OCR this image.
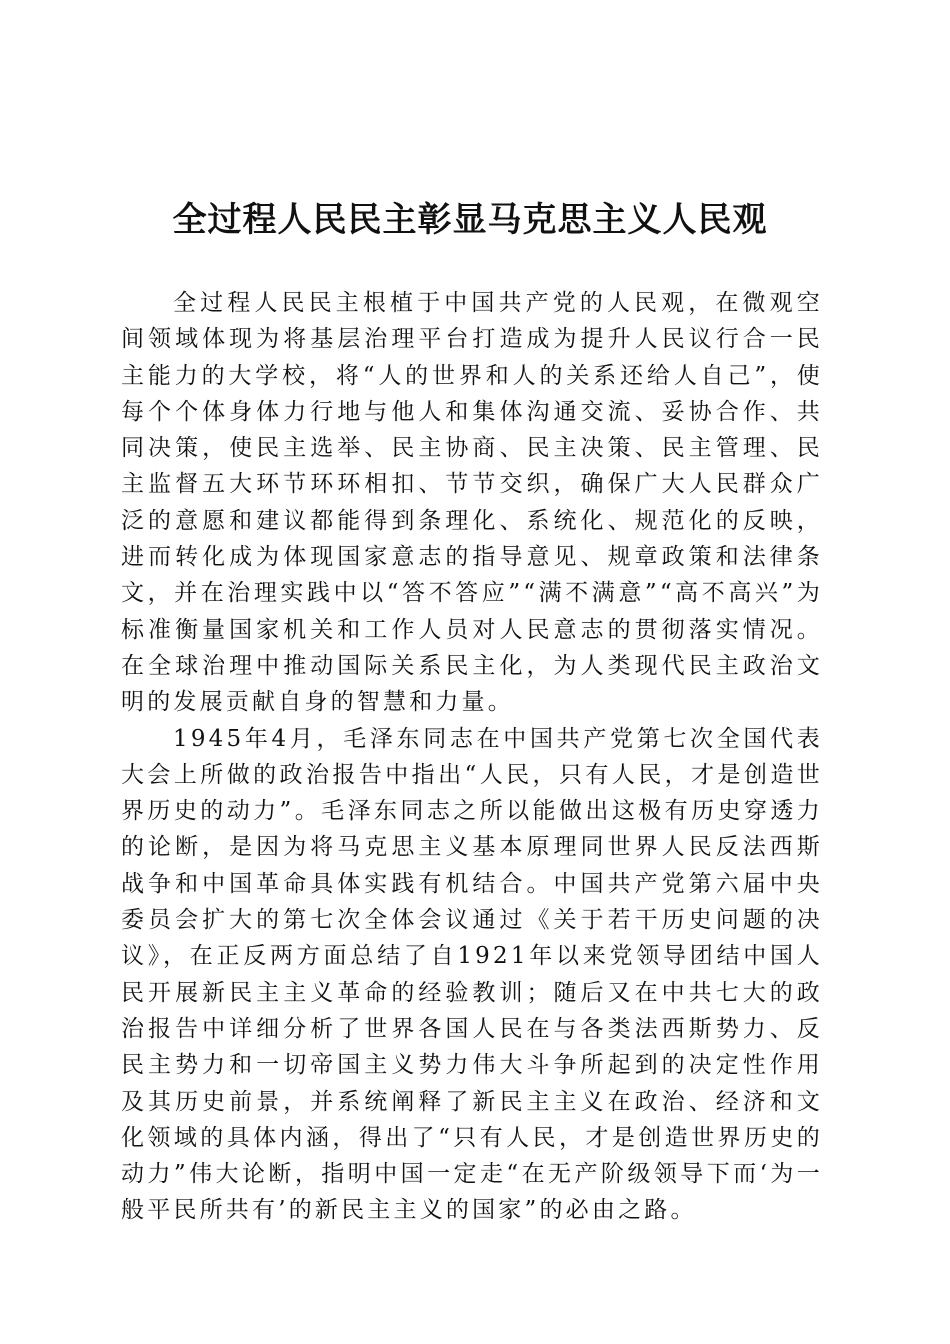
全过程人民民主彰显马克思主义人民观

全过程人民民主根植于中国共产党的人民观，在微观空间领域体现为将基层治理平台打造成为提升人民议行合一民主能力的大学校，将“人的世界和人的关系还给人自己”，使每个个体身体力行地与他人和集体沟通交流、妥协合作、共同决策，使民主选举、民主协商、民主决策、民主管理、民主监督五大环节环环相扣、节节交织，确保广大人民群众广泛的意愿和建议都能得到条理化、系统化、规范化的反映，进而转化成为体现国家意志的指导意见、规章政策和法律条文，并在治理实践中以“答不答应”“满不满意”“高不高兴”为标准衡量国家机关和工作人员对人民意志的贯彻落实情况。在全球治理中推动国际关系民主化，为人类现代民主政治文明的发展贡献自身的智慧和力量。

1945年4月，毛泽东同志在中国共产党第七次全国代表大会上所做的政治报告中指出“人民，只有人民，才是创造世界历史的动力”。毛泽东同志之所以能做出这极有历史穿透力的论断，是因为将马克思主义基本原理同世界人民反法西斯战争和中国革命具体实践有机结合。中国共产党第六届中央委员会扩大的第七次全体会议通过《关于若干历史问题的决议》，在正反两方面总结了自1921年以来党领导团结中国人民开展新民主主义革命的经验教训；随后又在中共七大的政治报告中详细分析了世界各国人民在与各类法西斯势力、反民主势力和一切帝国主义势力伟大斗争所起到的决定性作用及其历史前景，并系统阐释了新民主主义在政治、经济和文化领域的具体内涵，得出了“只有人民，才是创造世界历史的动力”伟大论断，指明中国一定走“在无产阶级领导下而‘为一般平民所共有’的新民主主义的国家”的必由之路。
